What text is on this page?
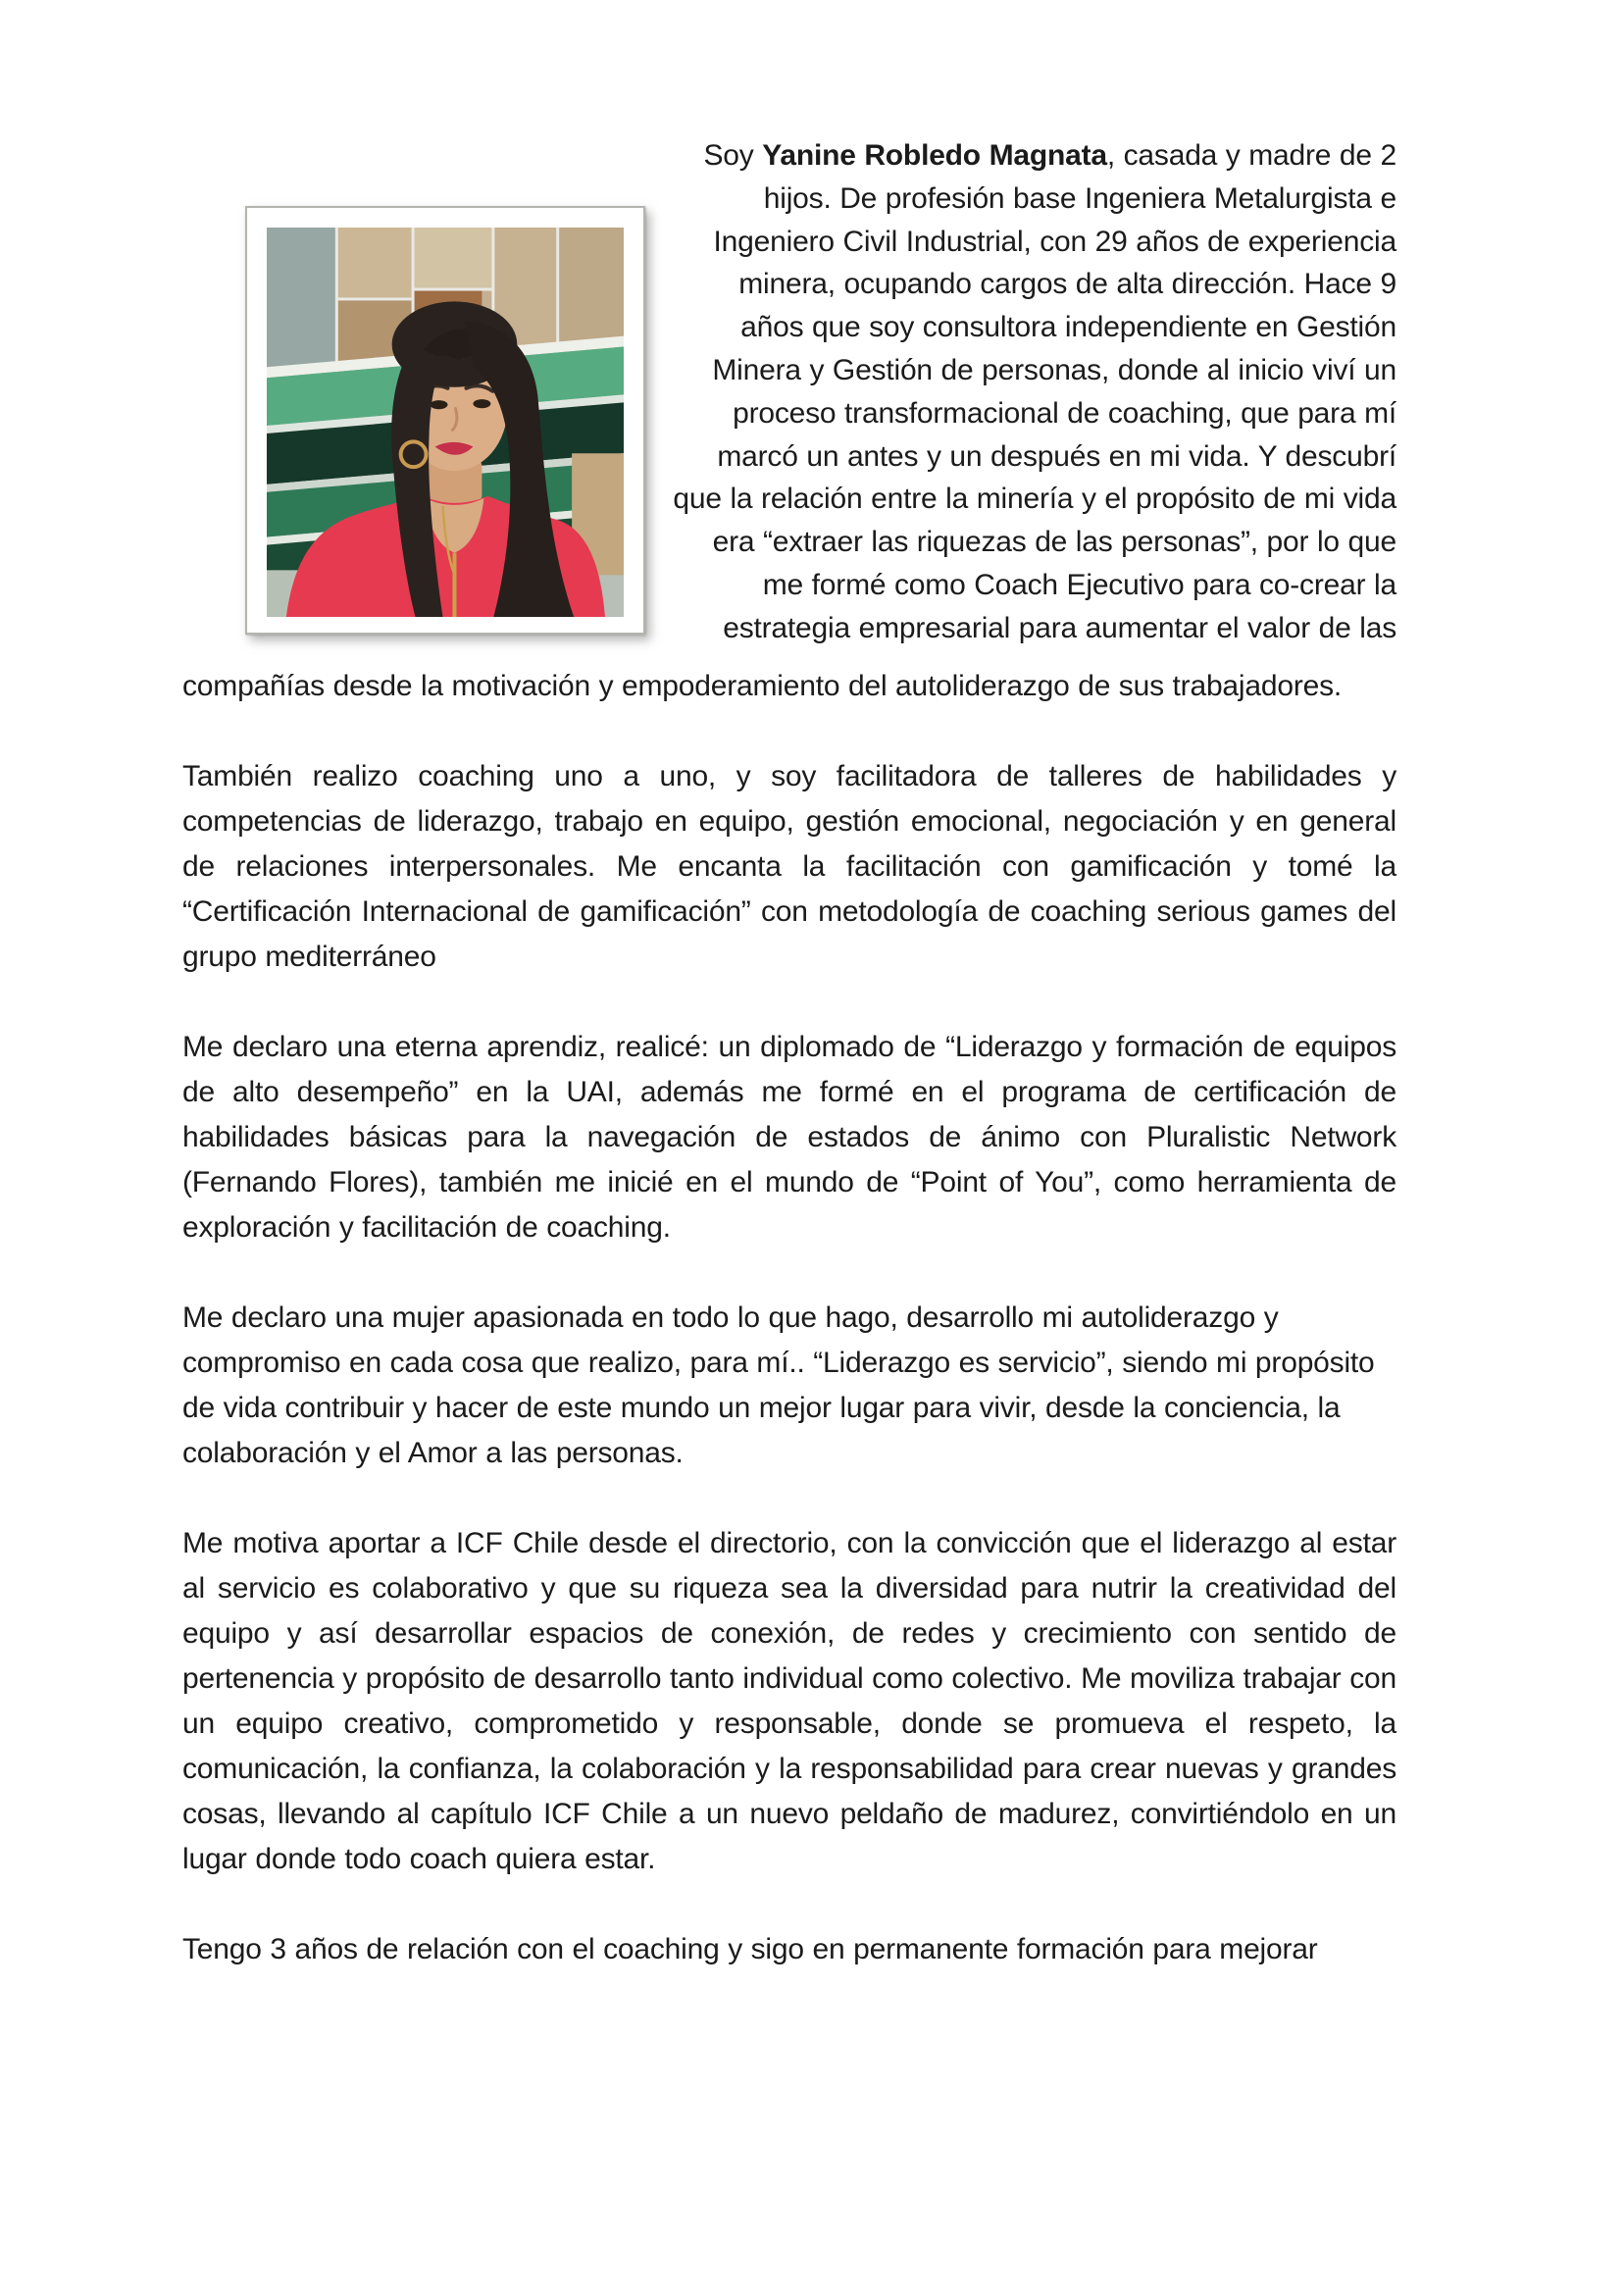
Soy Yanine Robledo Magnata, casada y madre de 2 hijos. De profesión base Ingeniera Metalurgista e Ingeniero Civil Industrial, con 29 años de experiencia minera, ocupando cargos de alta dirección. Hace 9 años que soy consultora independiente en Gestión Minera y Gestión de personas, donde al inicio viví un proceso transformacional de coaching, que para mí marcó un antes y un después en mi vida. Y descubrí que la relación entre la minería y el propósito de mi vida era “extraer las riquezas de las personas”, por lo que me formé como Coach Ejecutivo para co-crear la estrategia empresarial para aumentar el valor de las

compañías desde la motivación y empoderamiento del autoliderazgo de sus trabajadores.

También realizo coaching uno a uno, y soy facilitadora de talleres de habilidades y competencias de liderazgo, trabajo en equipo, gestión emocional, negociación y en general de relaciones interpersonales. Me encanta la facilitación con gamificación y tomé la “Certificación Internacional de gamificación” con metodología de coaching serious games del grupo mediterráneo

Me declaro una eterna aprendiz, realicé: un diplomado de “Liderazgo y formación de equipos de alto desempeño” en la UAI, además me formé en el programa de certificación de habilidades básicas para la navegación de estados de ánimo con Pluralistic Network (Fernando Flores), también me inicié en el mundo de “Point of You”, como herramienta de exploración y facilitación de coaching.

Me declaro una mujer apasionada en todo lo que hago, desarrollo mi autoliderazgo y compromiso en cada cosa que realizo, para mí.. “Liderazgo es servicio”, siendo mi propósito de vida contribuir y hacer de este mundo un mejor lugar para vivir, desde la conciencia, la colaboración y el Amor a las personas.

Me motiva aportar a ICF Chile desde el directorio, con la convicción que el liderazgo al estar al servicio es colaborativo y que su riqueza sea la diversidad para nutrir la creatividad del equipo y así desarrollar espacios de conexión, de redes y crecimiento con sentido de pertenencia y propósito de desarrollo tanto individual como colectivo. Me moviliza trabajar con un equipo creativo, comprometido y responsable, donde se promueva el respeto, la comunicación, la confianza, la colaboración y la responsabilidad para crear nuevas y grandes cosas, llevando al capítulo ICF Chile a un nuevo peldaño de madurez, convirtiéndolo en un lugar donde todo coach quiera estar.

Tengo 3 años de relación con el coaching y sigo en permanente formación para mejorar
